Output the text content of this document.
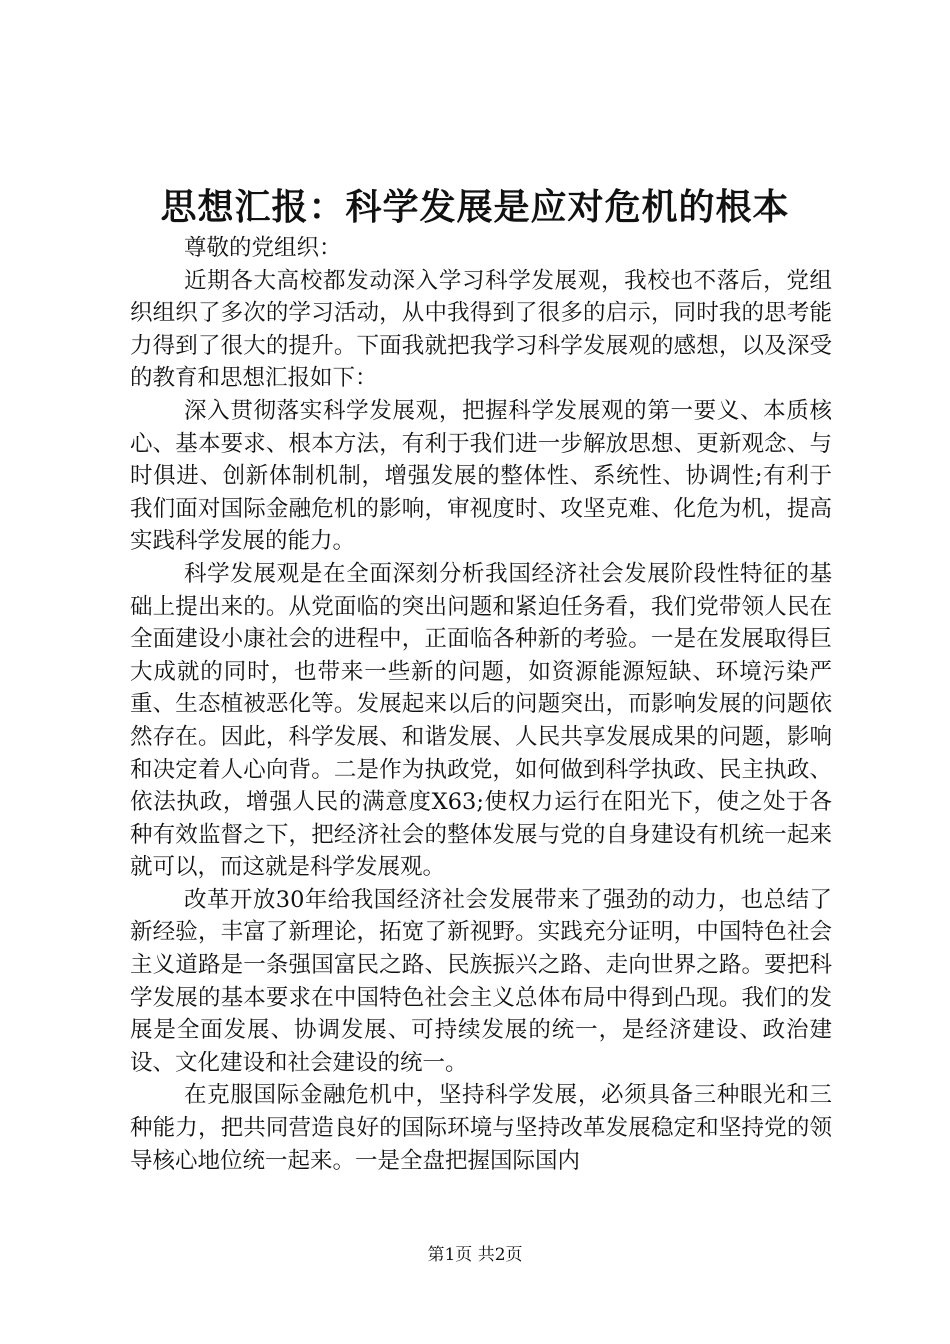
思想汇报：科学发展是应对危机的根本

尊敬的党组织：

近期各大高校都发动深入学习科学发展观，我校也不落后，党组织组织了多次的学习活动，从中我得到了很多的启示，同时我的思考能力得到了很大的提升。下面我就把我学习科学发展观的感想，以及深受的教育和思想汇报如下：

深入贯彻落实科学发展观，把握科学发展观的第一要义、本质核心、基本要求、根本方法，有利于我们进一步解放思想、更新观念、与时俱进、创新体制机制，增强发展的整体性、系统性、协调性;有利于我们面对国际金融危机的影响，审视度时、攻坚克难、化危为机，提高实践科学发展的能力。

科学发展观是在全面深刻分析我国经济社会发展阶段性特征的基础上提出来的。从党面临的突出问题和紧迫任务看，我们党带领人民在全面建设小康社会的进程中，正面临各种新的考验。一是在发展取得巨大成就的同时，也带来一些新的问题，如资源能源短缺、环境污染严重、生态植被恶化等。发展起来以后的问题突出，而影响发展的问题依然存在。因此，科学发展、和谐发展、人民共享发展成果的问题，影响和决定着人心向背。二是作为执政党，如何做到科学执政、民主执政、依法执政，增强人民的满意度X63;使权力运行在阳光下，使之处于各种有效监督之下，把经济社会的整体发展与党的自身建设有机统一起来就可以，而这就是科学发展观。

改革开放30年给我国经济社会发展带来了强劲的动力，也总结了新经验，丰富了新理论，拓宽了新视野。实践充分证明，中国特色社会主义道路是一条强国富民之路、民族振兴之路、走向世界之路。要把科学发展的基本要求在中国特色社会主义总体布局中得到凸现。我们的发展是全面发展、协调发展、可持续发展的统一，是经济建设、政治建设、文化建设和社会建设的统一。

在克服国际金融危机中，坚持科学发展，必须具备三种眼光和三种能力，把共同营造良好的国际环境与坚持改革发展稳定和坚持党的领导核心地位统一起来。一是全盘把握国际国内

第1页 共2页
